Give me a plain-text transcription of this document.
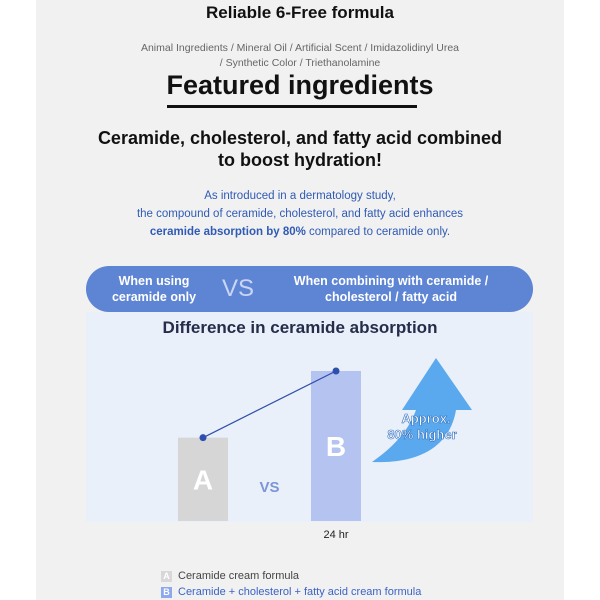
Reliable 6-Free formula
Animal Ingredients / Mineral Oil / Artificial Scent / Imidazolidinyl Urea
/ Synthetic Color / Triethanolamine
Featured ingredients
Ceramide, cholesterol, and fatty acid combined
to boost hydration!
As introduced in a dermatology study,
the compound of ceramide, cholesterol, and fatty acid enhances
ceramide absorption by 80% compared to ceramide only.
When using
ceramide only	VS	When combining with ceramide /
cholesterol / fatty acid
Difference in ceramide absorption
A
B
VS
24 hr
Approx.
80% higher
A Ceramide cream formula
B Ceramide + cholesterol + fatty acid cream formula
